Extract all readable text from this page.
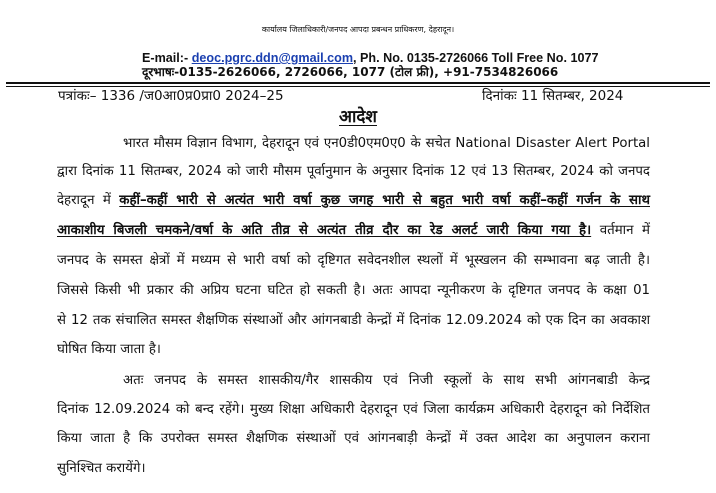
कार्यालय जिलाधिकारी/जनपद आपदा प्रबन्धन प्राधिकरण, देहरादून।
E-mail:- deoc.pgrc.ddn@gmail.com, Ph. No. 0135-2726066 Toll Free No. 1077
दूरभाषः-0135-2626066, 2726066, 1077 (टोल फ्री), +91-7534826066
पत्रांकः– 1336 /ज0आ0प्र0प्रा0 2024–25	दिनांकः 11 सितम्बर, 2024
आदेश
भारत मौसम विज्ञान विभाग, देहरादून एवं एन0डी0एम0ए0 के सचेत National Disaster Alert Portal
द्वारा दिनांक 11 सितम्बर, 2024 को जारी मौसम पूर्वानुमान के अनुसार दिनांक 12 एवं 13 सितम्बर, 2024 को जनपद
देहरादून में कहीं–कहीं भारी से अत्यंत भारी वर्षा कुछ जगह भारी से बहुत भारी वर्षा कहीं–कहीं गर्जन के साथ
आकाशीय बिजली चमकने/वर्षा के अति तीव्र से अत्यंत तीव्र दौर का रेड अलर्ट जारी किया गया है। वर्तमान में
जनपद के समस्त क्षेत्रों में मध्यम से भारी वर्षा को दृष्टिगत सवेदनशील स्थलों में भूस्खलन की सम्भावना बढ़ जाती है।
जिससे किसी भी प्रकार की अप्रिय घटना घटित हो सकती है। अतः आपदा न्यूनीकरण के दृष्टिगत जनपद के कक्षा 01
से 12 तक संचालित समस्त शैक्षणिक संस्थाओं और आंगनबाडी केन्द्रों में दिनांक 12.09.2024 को एक दिन का अवकाश
घोषित किया जाता है।
अतः जनपद के समस्त शासकीय/गैर शासकीय एवं निजी स्कूलों के साथ सभी आंगनबाडी केन्द्र
दिनांक 12.09.2024 को बन्द रहेंगे। मुख्य शिक्षा अधिकारी देहरादून एवं जिला कार्यक्रम अधिकारी देहरादून को निर्देशित
किया जाता है कि उपरोक्त समस्त शैक्षणिक संस्थाओं एवं आंगनबाड़ी केन्द्रों में उक्त आदेश का अनुपालन कराना
सुनिश्चित करायेंगे।
